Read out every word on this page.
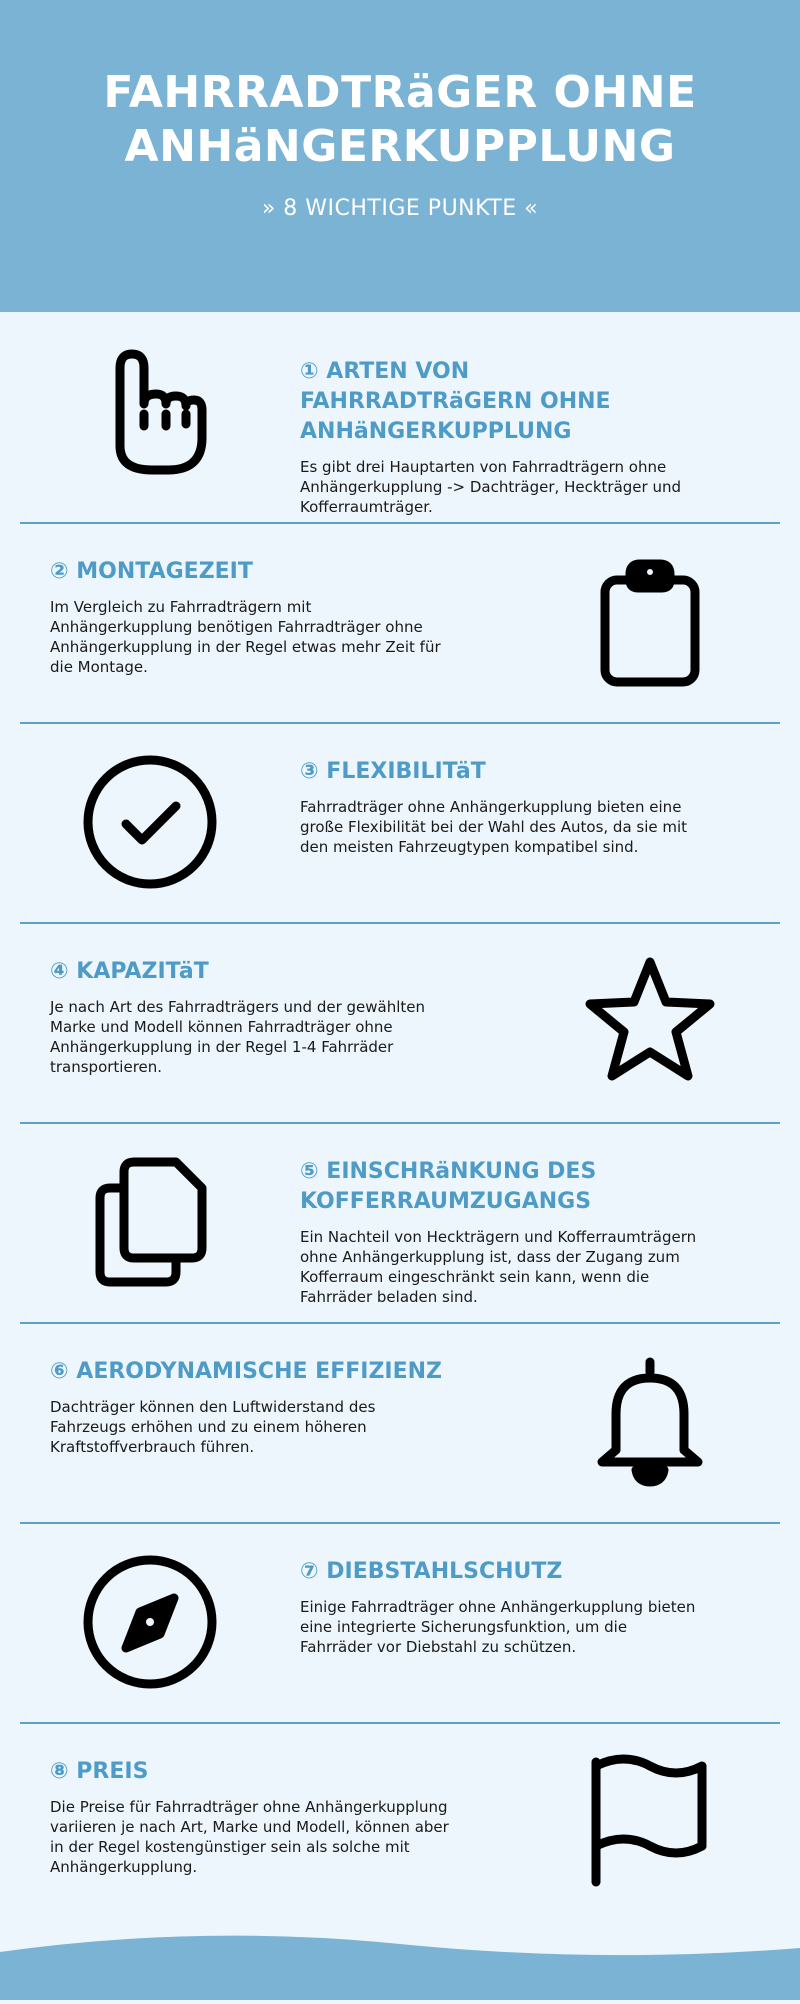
FAHRRADTRäGER OHNE ANHäNGERKUPPLUNG

» 8 WICHTIGE PUNKTE «

① ARTEN VON FAHRRADTRäGERN OHNE ANHäNGERKUPPLUNG

Es gibt drei Hauptarten von Fahrradträgern ohne Anhängerkupplung -> Dachträger, Heckträger und Kofferraumträger.

② MONTAGEZEIT

Im Vergleich zu Fahrradträgern mit Anhängerkupplung benötigen Fahrradträger ohne Anhängerkupplung in der Regel etwas mehr Zeit für die Montage.

③ FLEXIBILITäT

Fahrradträger ohne Anhängerkupplung bieten eine große Flexibilität bei der Wahl des Autos, da sie mit den meisten Fahrzeugtypen kompatibel sind.

④ KAPAZITäT

Je nach Art des Fahrradträgers und der gewählten Marke und Modell können Fahrradträger ohne Anhängerkupplung in der Regel 1-4 Fahrräder transportieren.

⑤ EINSCHRäNKUNG DES KOFFERRAUMZUGANGS

Ein Nachteil von Heckträgern und Kofferraumträgern ohne Anhängerkupplung ist, dass der Zugang zum Kofferraum eingeschränkt sein kann, wenn die Fahrräder beladen sind.

⑥ AERODYNAMISCHE EFFIZIENZ

Dachträger können den Luftwiderstand des Fahrzeugs erhöhen und zu einem höheren Kraftstoffverbrauch führen.

⑦ DIEBSTAHLSCHUTZ

Einige Fahrradträger ohne Anhängerkupplung bieten eine integrierte Sicherungsfunktion, um die Fahrräder vor Diebstahl zu schützen.

⑧ PREIS

Die Preise für Fahrradträger ohne Anhängerkupplung variieren je nach Art, Marke und Modell, können aber in der Regel kostengünstiger sein als solche mit Anhängerkupplung.
